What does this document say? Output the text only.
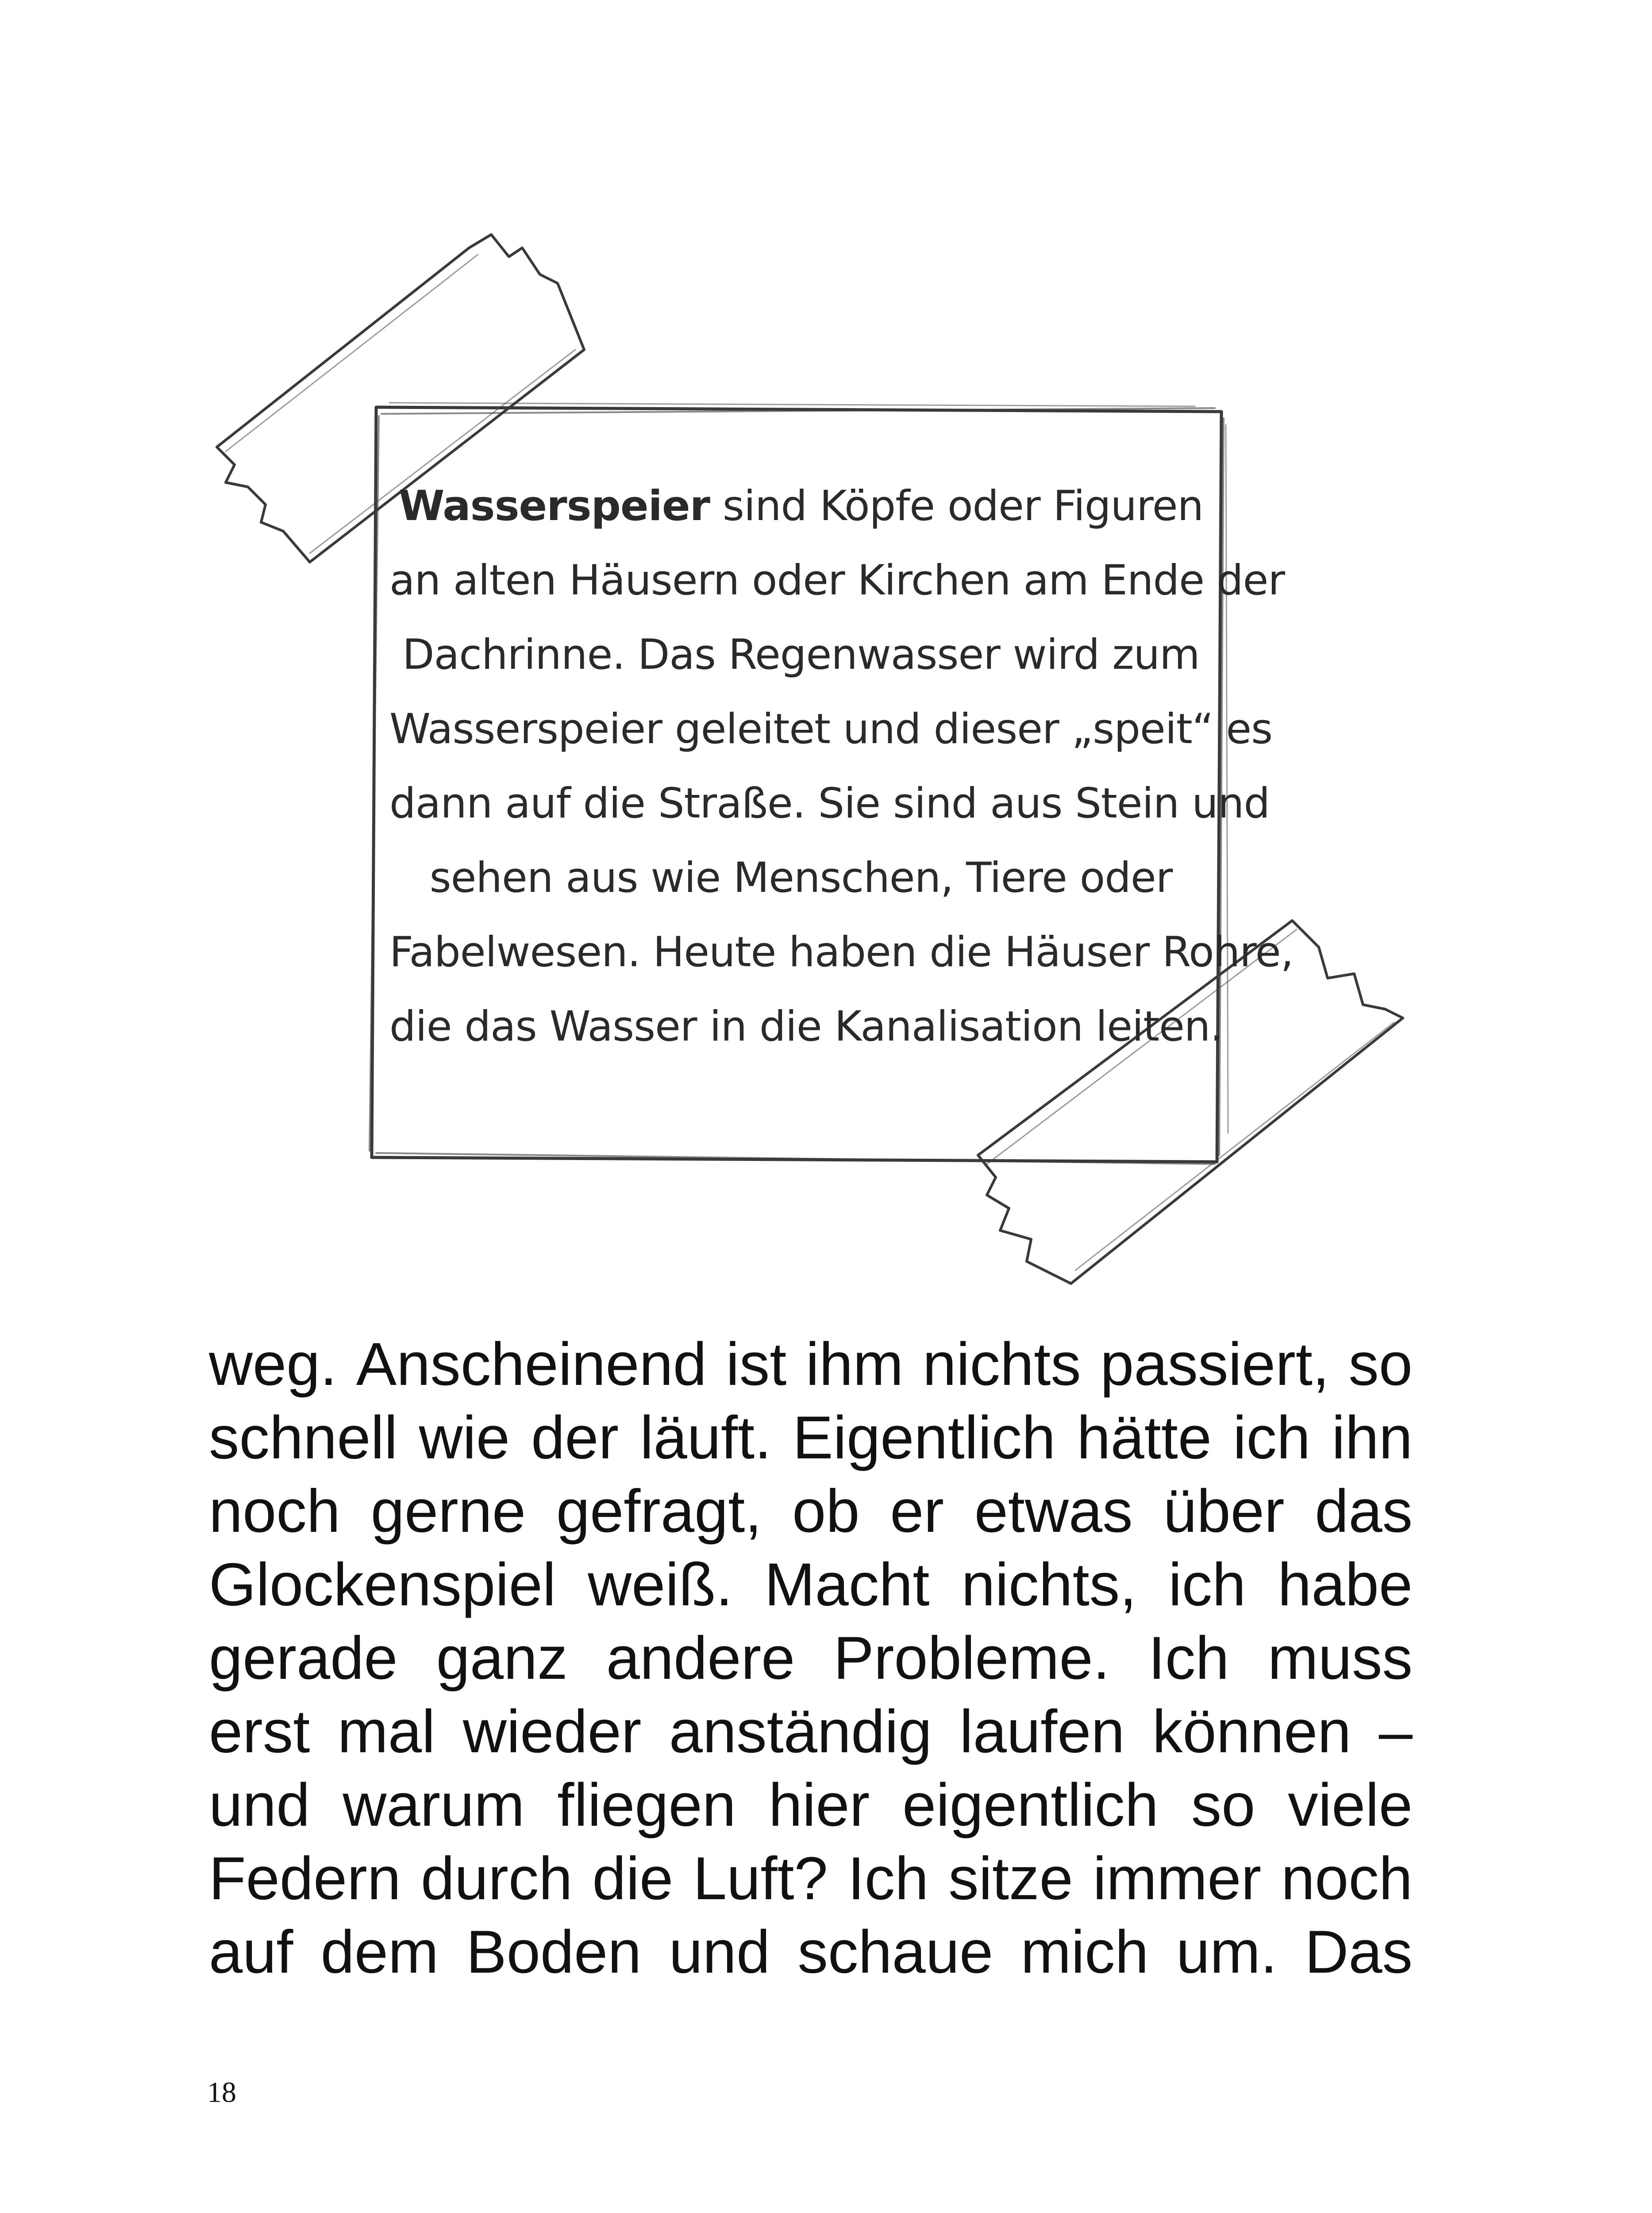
Wasserspeier sind Köpfe oder Figuren
an alten Häusern oder Kirchen am Ende der
Dachrinne. Das Regenwasser wird zum
Wasserspeier geleitet und dieser „speit“ es
dann auf die Straße. Sie sind aus Stein und
sehen aus wie Menschen, Tiere oder
Fabelwesen. Heute haben die Häuser Rohre,
die das Wasser in die Kanalisation leiten.
weg. Anscheinend ist ihm nichts passiert, so
schnell wie der läuft. Eigentlich hätte ich ihn
noch gerne gefragt, ob er etwas über das
Glockenspiel weiß. Macht nichts, ich habe
gerade ganz andere Probleme. Ich muss
erst mal wieder anständig laufen können –
und warum fliegen hier eigentlich so viele
Federn durch die Luft? Ich sitze immer noch
auf dem Boden und schaue mich um. Das
18
